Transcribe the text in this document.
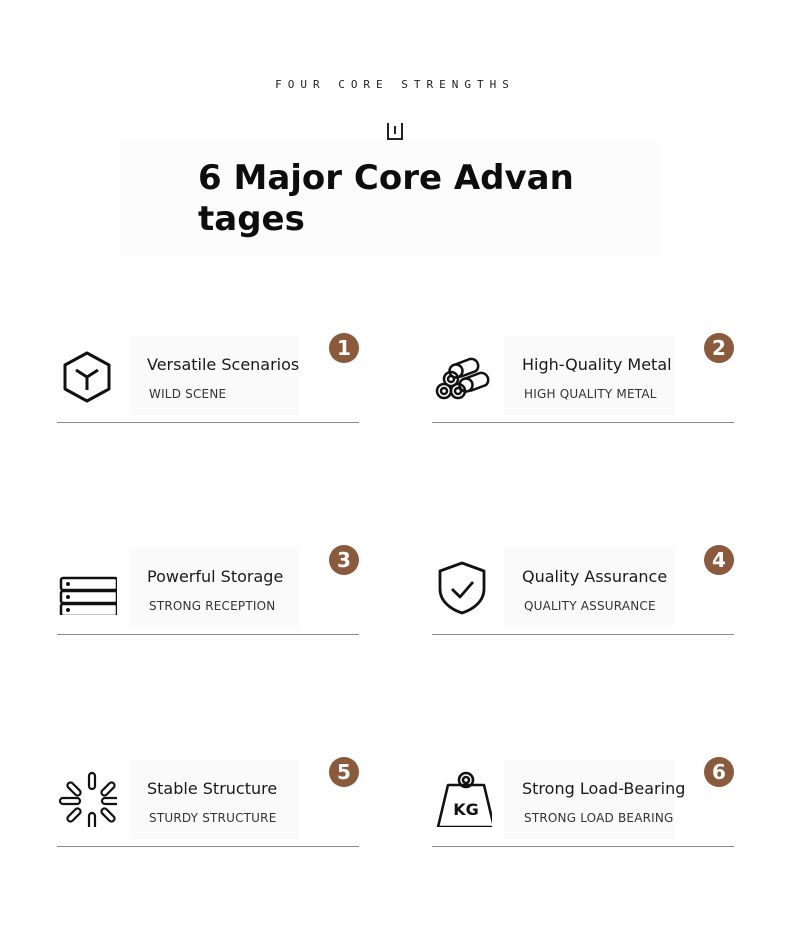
FOUR CORE STRENGTHS
6 Major Core Advantages
Versatile Scenarios
WILD SCENE
1
High-Quality Metal
HIGH QUALITY METAL
2
Powerful Storage
STRONG RECEPTION
3
Quality Assurance
QUALITY ASSURANCE
4
Stable Structure
STURDY STRUCTURE
5
KG
Strong Load-Bearing
STRONG LOAD BEARING
6
